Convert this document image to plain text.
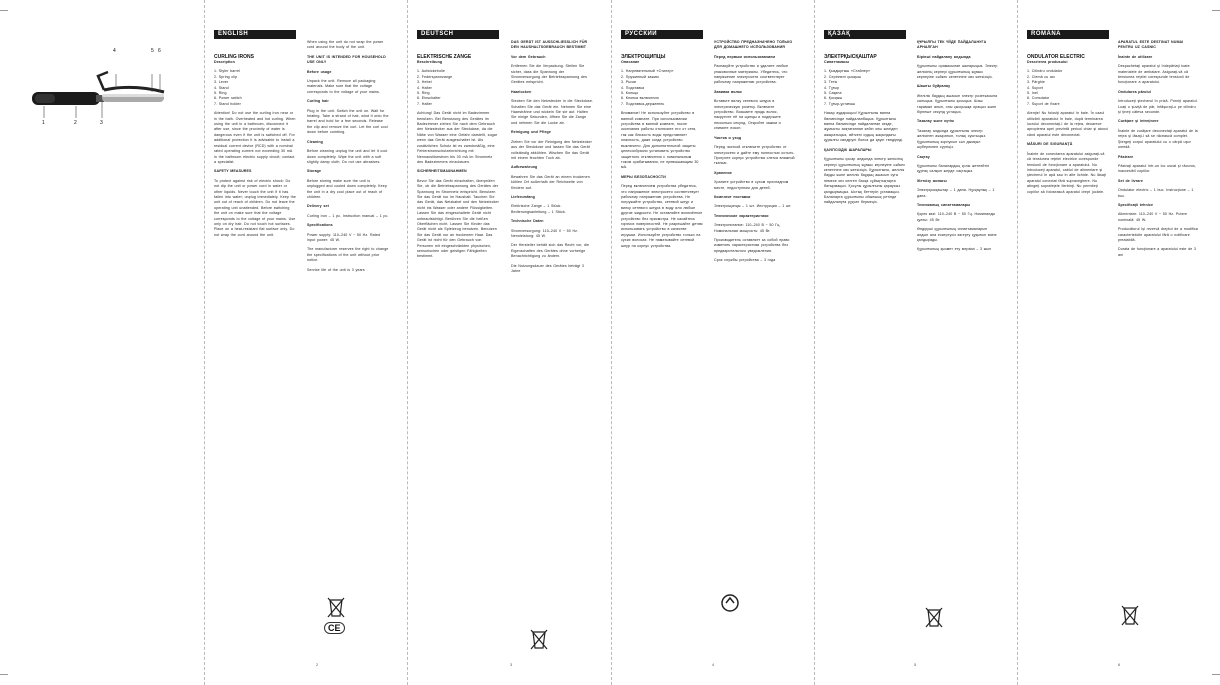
1	2	3
4	5 6
ENGLISH
CURLING IRONS

Description

1. Styler barrel
2. Spring clip
3. Lever
4. Stand
5. Ring
6. Power switch
7. Stand holder

Attention! Do not use the curling iron near or in the bath. Overheated and hot curling. When using the unit in a bathroom, disconnect it after use, since the proximity of water is dangerous even if the unit is switched off. For additional protection it is advisable to install a residual current device (RCD) with a nominal rated operating current not exceeding 30 mA in the bathroom electric supply circuit; contact a specialist.

SAFETY MEASURES

To protect against risk of electric shock: Do not dip the unit or power cord in water or other liquids. Never touch the unit if it has fallen into water; unplug immediately. Keep the unit out of reach of children. Do not leave the operating unit unattended. Before switching the unit on make sure that the voltage corresponds to the voltage of your mains. Use only on dry hair. Do not touch hot surfaces. Place on a heat-resistant flat surface only. Do not wrap the cord around the unit.

When using the unit do not wrap the power cord around the body of the unit.

THE UNIT IS INTENDED FOR HOUSEHOLD USE ONLY

Before usage

Unpack the unit. Remove all packaging materials. Make sure that the voltage corresponds to the voltage of your mains.

Curling hair

Plug in the unit. Switch the unit on. Wait for heating. Take a strand of hair, wind it onto the barrel and hold for a few seconds. Release the clip and remove the curl. Let the curl cool down before combing.

Cleaning

Before cleaning unplug the unit and let it cool down completely. Wipe the unit with a soft slightly damp cloth. Do not use abrasives.

Storage

Before storing make sure the unit is unplugged and cooled down completely. Keep the unit in a dry cool place out of reach of children.

Delivery set

Curling iron – 1 pc. Instruction manual – 1 pc.

Specifications

Power supply: 110–240 V ~ 50 Hz. Rated input power: 45 W.

The manufacturer reserves the right to change the specifications of the unit without prior notice.

Service life of the unit is 3 years

DEUTSCH
ELEKTRISCHE ZANGE

Beschreibung

1. Aufwickelrolle
2. Federspannzange
3. Hebel
4. Halter
5. Ring
6. Einschalter
7. Halter

Achtung! Das Gerät nicht im Badezimmer benutzen. Bei Benutzung des Gerätes im Badezimmer ziehen Sie nach dem Gebrauch den Netzstecker aus der Steckdose, da die Nähe von Wasser eine Gefahr darstellt, sogar wenn das Gerät ausgeschaltet ist. Als zusätzlichen Schutz ist es zweckmäßig, eine Fehlerstromschutzeinrichtung mit Nennauslösestrom bis 30 mA im Stromnetz des Badezimmers einzubauen.

SICHERHEITSMAßNAHMEN

Bevor Sie das Gerät einschalten, überprüfen Sie, ob die Betriebsspannung des Gerätes der Spannung im Stromnetz entspricht. Benutzen Sie das Gerät nur im Haushalt. Tauchen Sie das Gerät, das Netzkabel und den Netzstecker nicht ins Wasser oder andere Flüssigkeiten. Lassen Sie das eingeschaltete Gerät nicht unbeaufsichtigt. Berühren Sie die heißen Oberflächen nicht. Lassen Sie Kinder das Gerät nicht als Spielzeug benutzen. Benutzen Sie das Gerät nur an trockenem Haar. Das Gerät ist nicht für den Gebrauch von Personen mit eingeschränkten physischen, sensorischen oder geistigen Fähigkeiten bestimmt.

DAS GERÄT IST AUSSCHLIESSLICH FÜR DEN HAUSHALTSGEBRAUCH BESTIMMT

Vor dem Gebrauch

Entfernen Sie die Verpackung. Stellen Sie sicher, dass die Spannung der Stromversorgung der Betriebsspannung des Gerätes entspricht.

Haarlocken

Stecken Sie den Netzstecker in die Steckdose. Schalten Sie das Gerät ein. Nehmen Sie eine Haarsträhne und wickeln Sie sie auf. Halten Sie einige Sekunden, öffnen Sie die Zange und nehmen Sie die Locke ab.

Reinigung und Pflege

Ziehen Sie vor der Reinigung den Netzstecker aus der Steckdose und lassen Sie das Gerät vollständig abkühlen. Wischen Sie das Gerät mit einem feuchten Tuch ab.

Aufbewahrung

Bewahren Sie das Gerät an einem trockenen kühlen Ort außerhalb der Reichweite von Kindern auf.

Lieferumfang

Elektrische Zange – 1 Stück. Bedienungsanleitung – 1 Stück.

Technische Daten

Stromversorgung: 110–240 V ~ 50 Hz. Nennleistung: 45 W.

Der Hersteller behält sich das Recht vor, die Eigenschaften des Gerätes ohne vorherige Benachrichtigung zu ändern.

Die Nutzungsdauer des Gerätes beträgt 3 Jahre

РУССКИЙ
ЭЛЕКТРОЩИПЦЫ

Описание

1. Нагревательный «Стилер»
2. Пружинный зажим
3. Рычаг
4. Подставка
5. Кольцо
6. Кнопка включения
7. Подставка-держатель

Внимание! Не используйте устройство в ванной комнате. При использовании устройства в ванной комнате, после окончания работы отключите его от сети, так как близость воды представляет опасность, даже когда устройство выключено. Для дополнительной защиты целесообразно установить устройство защитного отключения с номинальным током срабатывания, не превышающим 30 мА.

МЕРЫ БЕЗОПАСНОСТИ

Перед включением устройства убедитесь, что напряжение электросети соответствует рабочему напряжению устройства. Не погружайте устройство, сетевой шнур и вилку сетевого шнура в воду или любые другие жидкости. Не оставляйте включённое устройство без присмотра. Не касайтесь горячих поверхностей. Не разрешайте детям использовать устройство в качестве игрушки. Используйте устройство только на сухих волосах. Не наматывайте сетевой шнур на корпус устройства.

УСТРОЙСТВО ПРЕДНАЗНАЧЕНО ТОЛЬКО ДЛЯ ДОМАШНЕГО ИСПОЛЬЗОВАНИЯ

Перед первым использованием

Распакуйте устройство и удалите любые упаковочные материалы. Убедитесь, что напряжение электросети соответствует рабочему напряжению устройства.

Завивка волос

Вставьте вилку сетевого шнура в электрическую розетку. Включите устройство. Возьмите прядь волос, накрутите её на щипцы и подержите несколько секунд. Откройте зажим и снимите локон.

Чистка и уход

Перед чисткой отключите устройство от электросети и дайте ему полностью остыть. Протрите корпус устройства слегка влажной тканью.

Хранение

Храните устройство в сухом прохладном месте, недоступном для детей.

Комплект поставки

Электрощипцы – 1 шт. Инструкция – 1 шт.

Технические характеристики

Электропитание: 110–240 В ~ 50 Гц. Номинальная мощность: 45 Вт.

Производитель оставляет за собой право изменять характеристики устройства без предварительного уведомления.

Срок службы устройства – 3 года

ҚАЗАҚ
ЭЛЕКТРҚЫСҚАШТАР

Сипаттамасы

1. Қыздырғыш «Стайлер»
2. Серіппелі қысқыш
3. Тетік
4. Тұғыр
5. Сақина
6. Қосқыш
7. Тұғыр-ұстағыш

Назар аударыңыз! Құрылғыны ванна бөлмесінде пайдаланбаңыз. Құрылғыны ванна бөлмесінде пайдаланған кезде, жұмысты аяқтағаннан кейін оны желіден ажыратыңыз, өйткені судың жақындығы құрылғы сөндірулі болса да қауіп төндіреді.

ҚАУІПСІЗДІК ШАРАЛАРЫ

Құрылғыны қосар алдында электр желісінің кернеуі құрылғының жұмыс кернеуіне сәйкес келетініне көз жеткізіңіз. Құрылғыны, желілік бауды және желілік баудың ашасын суға немесе кез келген басқа сұйықтықтарға батырмаңыз. Қосулы құрылғыны қараусыз қалдырмаңыз. Ыстық беттерін ұстамаңыз. Балаларға құрылғыны ойыншық ретінде пайдалануға рұқсат бермеңіз.

ҚҰРЫЛҒЫ ТЕК ҮЙДЕ ПАЙДАЛАНУҒА АРНАЛҒАН

Бірінші пайдалану алдында

Құрылғыны орамасынан шығарыңыз. Электр желісінің кернеуі құрылғының жұмыс кернеуіне сәйкес келетініне көз жеткізіңіз.

Шашты бұйралау

Желілік баудың ашасын электр розеткасына салыңыз. Құрылғыны қосыңыз. Шаш тарамын алып, оны қысқышқа ораңыз және бірнеше секунд ұстаңыз.

Тазалау және күтім

Тазалау алдында құрылғыны электр желісінен ажыратып, толық суытыңыз. Құрылғының корпусын сәл дымқыл шүберекпен сүртіңіз.

Сақтау

Құрылғыны балалардың қолы жетпейтін құрғақ салқын жерде сақтаңыз.

Жеткізу жинағы

Электрқысқаштар – 1 дана. Нұсқаулық – 1 дана.

Техникалық сипаттамалары

Қорек көзі: 110–240 В ~ 50 Гц. Номиналды қуаты: 45 Вт.

Өндіруші құрылғының сипаттамаларын алдын ала ескертусіз өзгерту құқығын өзіне қалдырады.

Құрылғының қызмет ету мерзімі – 3 жыл

ROMÂNĂ
ONDULATOR ELECTRIC

Descrierea produsului

1. Cilindru ondulator
2. Clemă cu arc
3. Pârghie
4. Suport
5. Inel
6. Comutator
7. Suport de fixare

Atenţie! Nu folosiţi aparatul în baie. În cazul utilizării aparatului în baie, după terminarea lucrului deconectaţi-l de la reţea, deoarece apropierea apei prezintă pericol chiar şi atunci când aparatul este deconectat.

MĂSURI DE SIGURANŢĂ

Înainte de conectarea aparatului asiguraţi-vă că tensiunea reţelei electrice corespunde tensiunii de funcţionare a aparatului. Nu introduceţi aparatul, cablul de alimentare şi ştecherul în apă sau în alte lichide. Nu lăsaţi aparatul conectat fără supraveghere. Nu atingeţi suprafeţele fierbinţi. Nu permiteţi copiilor să folosească aparatul drept jucărie.

APARATUL ESTE DESTINAT NUMAI PENTRU UZ CASNIC

Înainte de utilizare

Despachetaţi aparatul şi îndepărtaţi toate materialele de ambalare. Asiguraţi-vă că tensiunea reţelei corespunde tensiunii de funcţionare a aparatului.

Ondularea părului

Introduceţi ştecherul în priză. Porniţi aparatul. Luaţi o şuviţă de păr, înfăşuraţi-o pe cilindru şi ţineţi câteva secunde.

Curăţare şi întreţinere

Înainte de curăţare deconectaţi aparatul de la reţea şi lăsaţi-l să se răcească complet. Ştergeţi corpul aparatului cu o cârpă uşor umedă.

Păstrare

Păstraţi aparatul într-un loc uscat şi răcoros, inaccesibil copiilor.

Set de livrare

Ondulator electric – 1 buc. Instrucţiune – 1 buc.

Specificaţii tehnice

Alimentare: 110–240 V ~ 50 Hz. Putere nominală: 45 W.

Producătorul îşi rezervă dreptul de a modifica caracteristicile aparatului fără o notificare prealabilă.

Durata de funcţionare a aparatului este de 3 ani

CE
2	3	4	5	6
